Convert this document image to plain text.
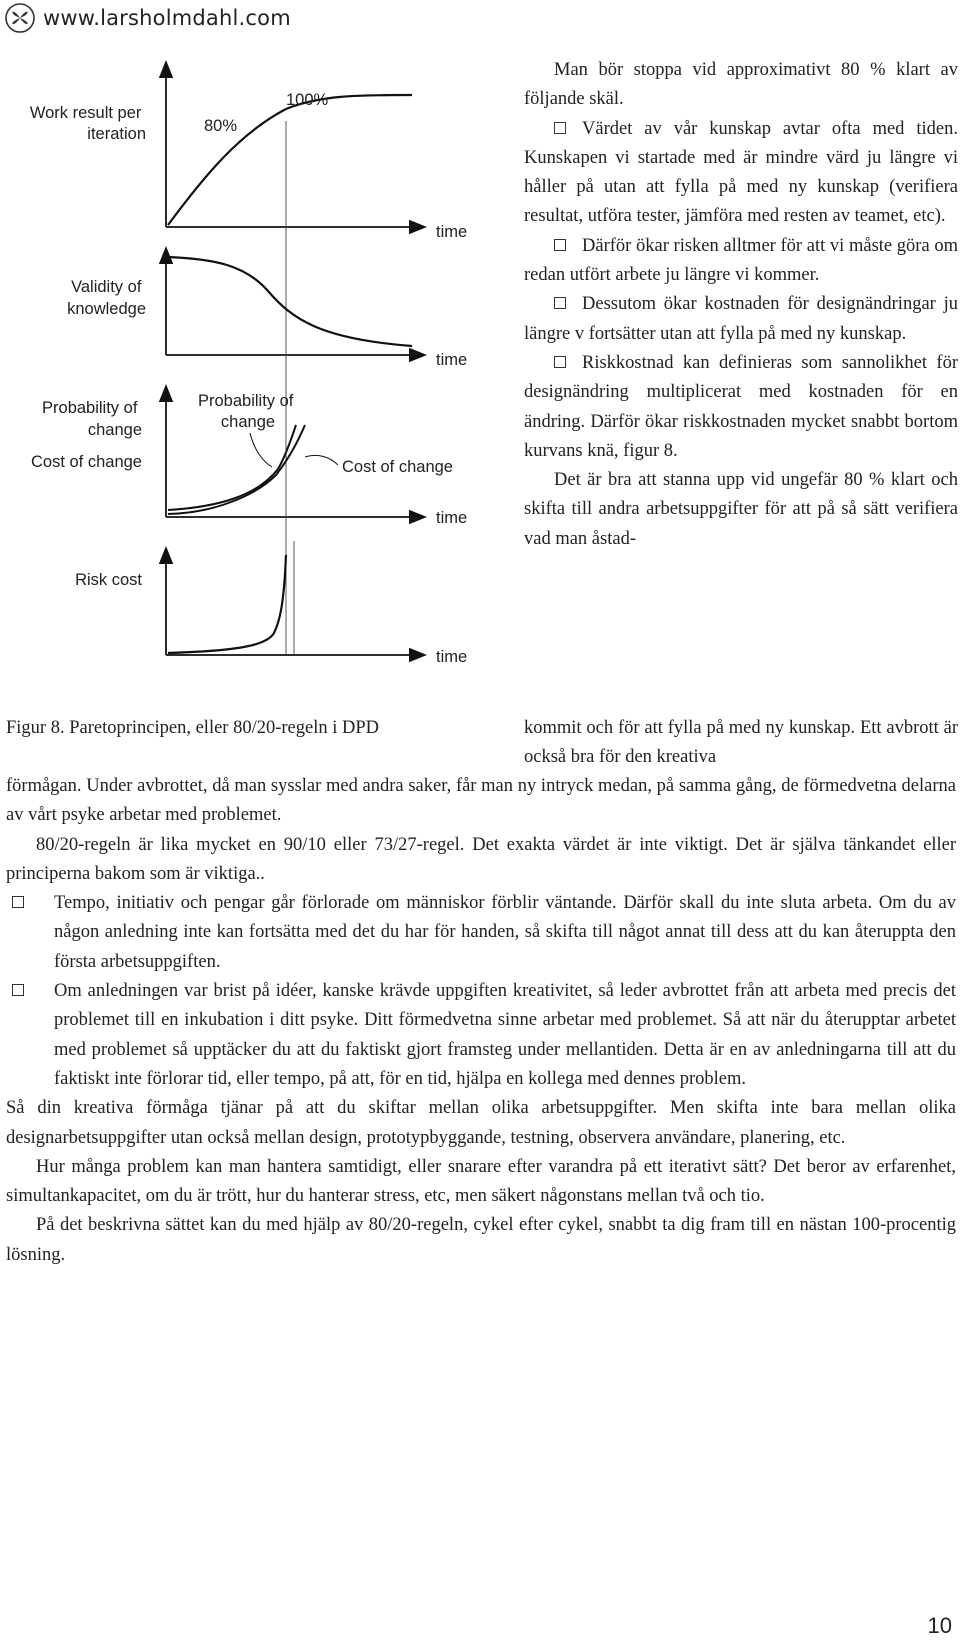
www.larsholmdahl.com
Work result per iteration
Validity of knowledge
Probability of change
Cost of change
Risk cost
80%
100%
time
time
time
time
Probability of change
Cost of change

Man bör stoppa vid approximativt 80 % klart av följande skäl.

Värdet av vår kunskap avtar ofta med tiden. Kunskapen vi startade med är mindre värd ju längre vi håller på utan att fylla på med ny kunskap (verifiera resultat, utföra tester, jämföra med resten av teamet, etc).

Därför ökar risken alltmer för att vi måste göra om redan utfört arbete ju längre vi kommer.

Dessutom ökar kostnaden för designändringar ju längre v fortsätter utan att fylla på med ny kunskap.

Riskkostnad kan definieras som sannolikhet för designändring multiplicerat med kostnaden för en ändring. Därför ökar riskkostnaden mycket snabbt bortom kurvans knä, figur 8.

Det är bra att stanna upp vid ungefär 80 % klart och skifta till andra arbetsuppgifter för att på så sätt verifiera vad man åstad-

Figur 8. Paretoprincipen, eller 80/20-regeln i DPD	kommit och för att fylla på med ny kunskap. Ett avbrott är också bra för den kreativa

förmågan. Under avbrottet, då man sysslar med andra saker, får man ny intryck medan, på samma gång, de förmedvetna delarna av vårt psyke arbetar med problemet.

80/20-regeln är lika mycket en 90/10 eller 73/27-regel. Det exakta värdet är inte viktigt. Det är själva tänkandet eller principerna bakom som är viktiga..

Tempo, initiativ och pengar går förlorade om människor förblir väntande. Därför skall du inte sluta arbeta. Om du av någon anledning inte kan fortsätta med det du har för handen, så skifta till något annat till dess att du kan återuppta den första arbetsuppgiften.
Om anledningen var brist på idéer, kanske krävde uppgiften kreativitet, så leder avbrottet från att arbeta med precis det problemet till en inkubation i ditt psyke. Ditt förmedvetna sinne arbetar med problemet. Så att när du återupptar arbetet med problemet så upptäcker du att du faktiskt gjort framsteg under mellantiden. Detta är en av anledningarna till att du faktiskt inte förlorar tid, eller tempo, på att, för en tid, hjälpa en kollega med dennes problem.

Så din kreativa förmåga tjänar på att du skiftar mellan olika arbetsuppgifter. Men skifta inte bara mellan olika designarbetsuppgifter utan också mellan design, prototypbyggande, testning, observera användare, planering, etc.

Hur många problem kan man hantera samtidigt, eller snarare efter varandra på ett iterativt sätt? Det beror av erfarenhet, simultankapacitet, om du är trött, hur du hanterar stress, etc, men säkert någonstans mellan två och tio.

På det beskrivna sättet kan du med hjälp av 80/20-regeln, cykel efter cykel, snabbt ta dig fram till en nästan 100-procentig lösning.

10
